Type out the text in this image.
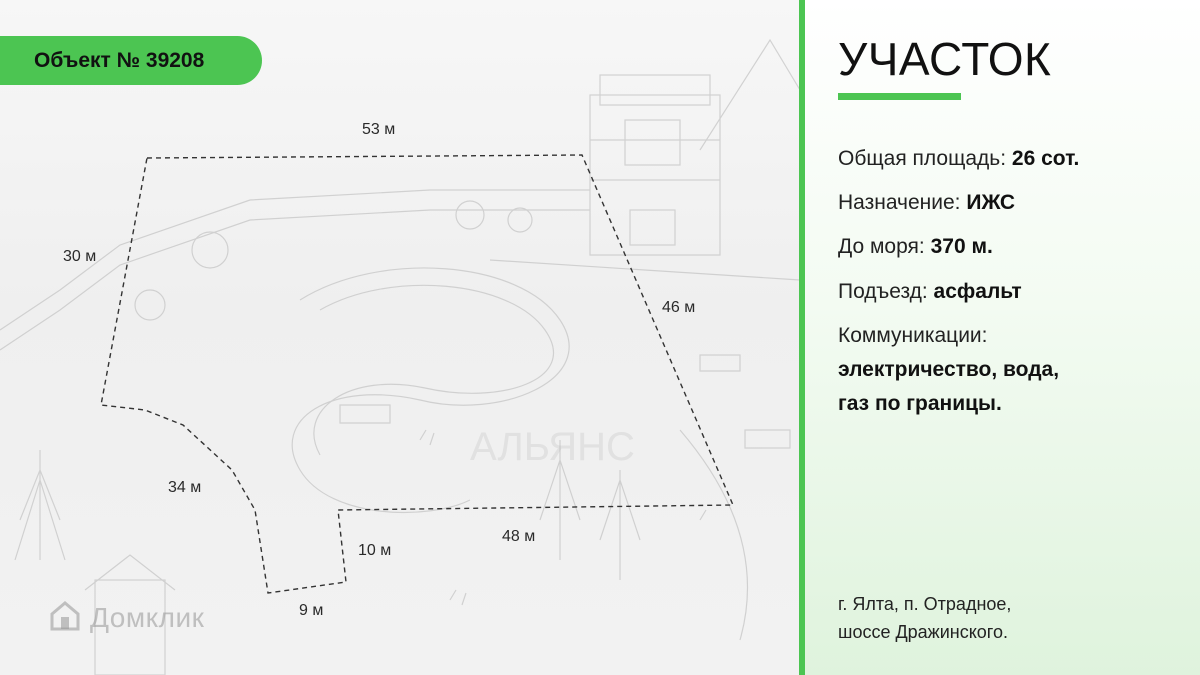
АЛЬЯНС
53 м
30 м
46 м
34 м
48 м
10 м
9 м
Объект № 39208
Домклик
УЧАСТОК
Общая площадь: 26 сот.
Назначение: ИЖС
До моря: 370 м.
Подъезд: асфальт
Коммуникации:
электричество, вода,
газ по границы.
г. Ялта, п. Отрадное,
шоссе Дражинского.
